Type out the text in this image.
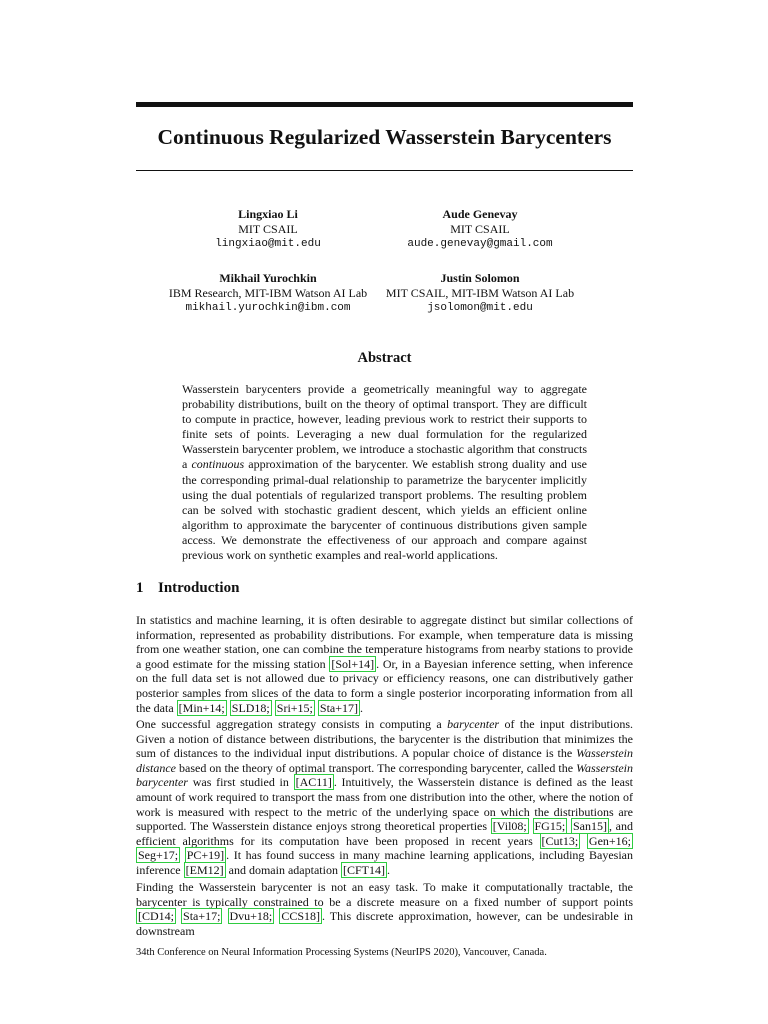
Continuous Regularized Wasserstein Barycenters
Lingxiao Li
MIT CSAIL
lingxiao@mit.edu
Aude Genevay
MIT CSAIL
aude.genevay@gmail.com
Mikhail Yurochkin
IBM Research, MIT-IBM Watson AI Lab
mikhail.yurochkin@ibm.com
Justin Solomon
MIT CSAIL, MIT-IBM Watson AI Lab
jsolomon@mit.edu
Abstract
Wasserstein barycenters provide a geometrically meaningful way to aggregate probability distributions, built on the theory of optimal transport. They are difficult to compute in practice, however, leading previous work to restrict their supports to finite sets of points. Leveraging a new dual formulation for the regularized Wasserstein barycenter problem, we introduce a stochastic algorithm that constructs a continuous approximation of the barycenter. We establish strong duality and use the corresponding primal-dual relationship to parametrize the barycenter implicitly using the dual potentials of regularized transport problems. The resulting problem can be solved with stochastic gradient descent, which yields an efficient online algorithm to approximate the barycenter of continuous distributions given sample access. We demonstrate the effectiveness of our approach and compare against previous work on synthetic examples and real-world applications.
1 Introduction

In statistics and machine learning, it is often desirable to aggregate distinct but similar collections of information, represented as probability distributions. For example, when temperature data is missing from one weather station, one can combine the temperature histograms from nearby stations to provide a good estimate for the missing station [Sol+14] . Or, in a Bayesian inference setting, when inference on the full data set is not allowed due to privacy or efficiency reasons, one can distributively gather posterior samples from slices of the data to form a single posterior incorporating information from all the data [Min+14; SLD18; Sri+15; Sta+17] .

One successful aggregation strategy consists in computing a barycenter of the input distributions. Given a notion of distance between distributions, the barycenter is the distribution that minimizes the sum of distances to the individual input distributions. A popular choice of distance is the Wasserstein distance based on the theory of optimal transport. The corresponding barycenter, called the Wasserstein barycenter was first studied in [AC11] . Intuitively, the Wasserstein distance is defined as the least amount of work required to transport the mass from one distribution into the other, where the notion of work is measured with respect to the metric of the underlying space on which the distributions are supported. The Wasserstein distance enjoys strong theoretical properties [Vil08; FG15; San15] , and efficient algorithms for its computation have been proposed in recent years [Cut13; Gen+16; Seg+17; PC+19] . It has found success in many machine learning applications, including Bayesian inference [EM12] and domain adaptation [CFT14] .

Finding the Wasserstein barycenter is not an easy task. To make it computationally tractable, the barycenter is typically constrained to be a discrete measure on a fixed number of support points [CD14; Sta+17; Dvu+18; CCS18] . This discrete approximation, however, can be undesirable in downstream

34th Conference on Neural Information Processing Systems (NeurIPS 2020), Vancouver, Canada.
